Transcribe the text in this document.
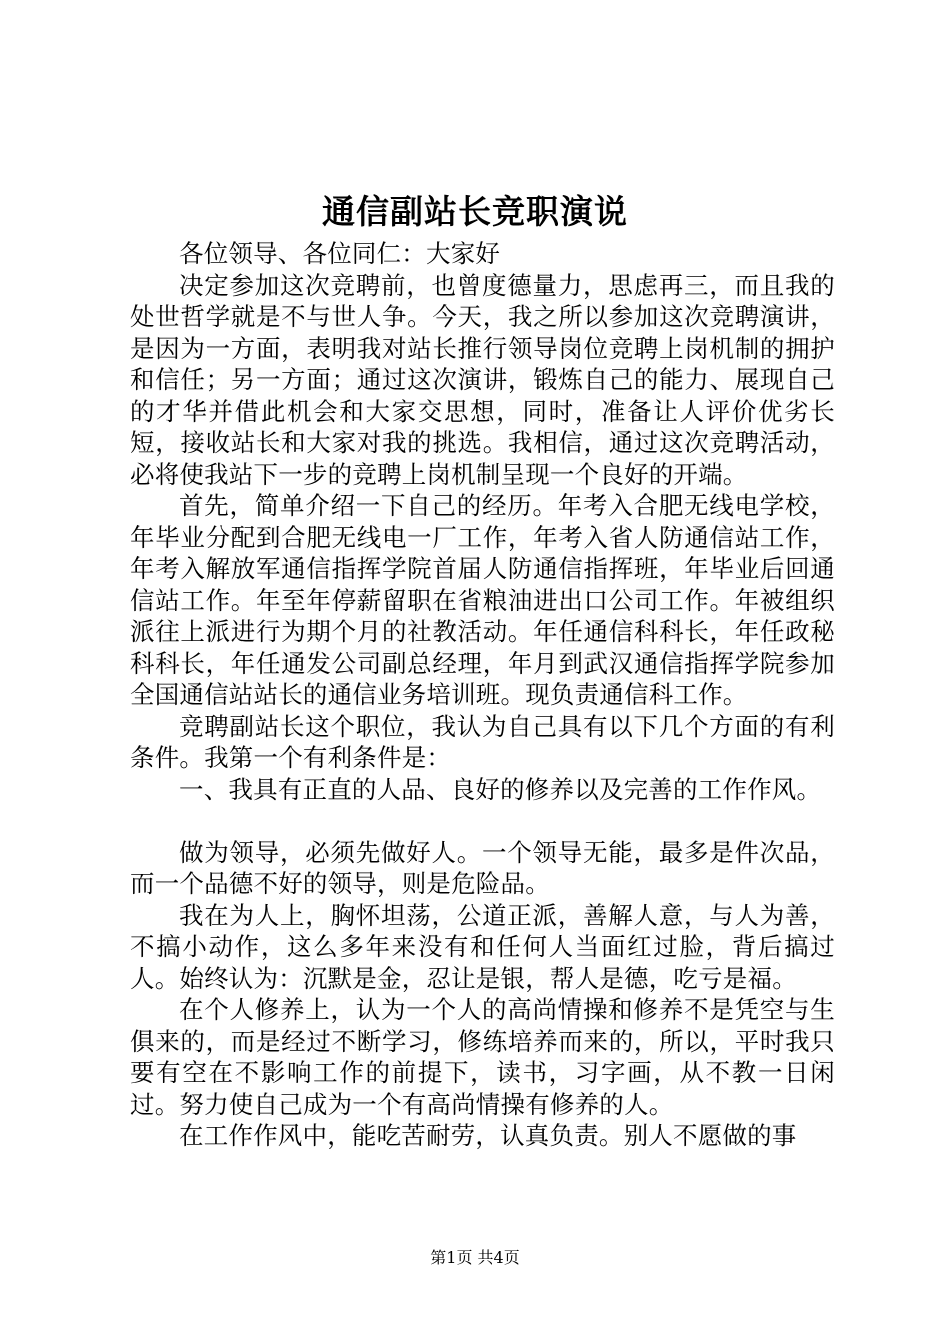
通信副站长竞职演说

各位领导、各位同仁：大家好

决定参加这次竞聘前，也曾度德量力，思虑再三，而且我的处世哲学就是不与世人争。今天，我之所以参加这次竞聘演讲，是因为一方面，表明我对站长推行领导岗位竞聘上岗机制的拥护和信任；另一方面；通过这次演讲，锻炼自己的能力、展现自己的才华并借此机会和大家交思想，同时，准备让人评价优劣长短，接收站长和大家对我的挑选。我相信，通过这次竞聘活动，必将使我站下一步的竞聘上岗机制呈现一个良好的开端。

首先，简单介绍一下自己的经历。年考入合肥无线电学校，年毕业分配到合肥无线电一厂工作，年考入省人防通信站工作，年考入解放军通信指挥学院首届人防通信指挥班，年毕业后回通信站工作。年至年停薪留职在省粮油进出口公司工作。年被组织派往上派进行为期个月的社教活动。年任通信科科长，年任政秘科科长，年任通发公司副总经理，年月到武汉通信指挥学院参加全国通信站站长的通信业务培训班。现负责通信科工作。

竞聘副站长这个职位，我认为自己具有以下几个方面的有利条件。我第一个有利条件是：

一、我具有正直的人品、良好的修养以及完善的工作作风。

做为领导，必须先做好人。一个领导无能，最多是件次品，而一个品德不好的领导，则是危险品。

我在为人上，胸怀坦荡，公道正派，善解人意，与人为善，不搞小动作，这么多年来没有和任何人当面红过脸，背后搞过人。始终认为：沉默是金，忍让是银，帮人是德，吃亏是福。

在个人修养上，认为一个人的高尚情操和修养不是凭空与生俱来的，而是经过不断学习，修练培养而来的，所以，平时我只要有空在不影响工作的前提下，读书，习字画，从不教一日闲过。努力使自己成为一个有高尚情操有修养的人。

在工作作风中，能吃苦耐劳，认真负责。别人不愿做的事

第1页 共4页
